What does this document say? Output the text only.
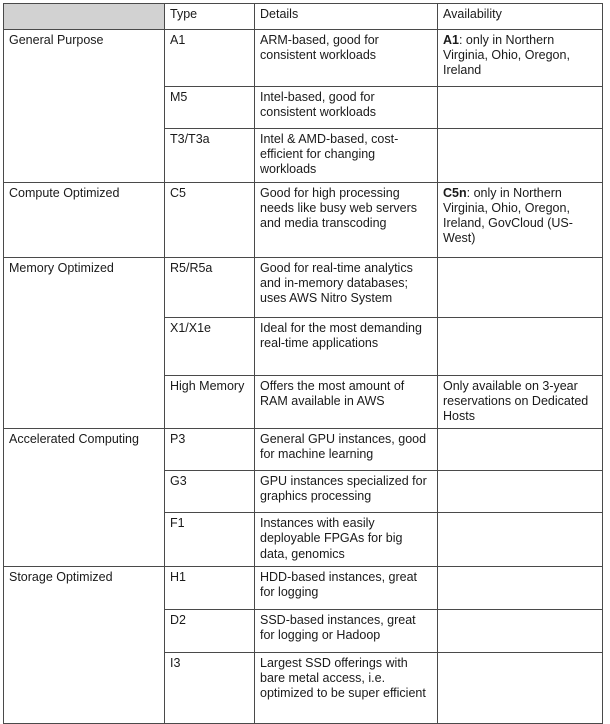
	Type	Details	Availability
General Purpose	A1	ARM-based, good for consistent workloads	A1: only in Northern Virginia, Ohio, Oregon, Ireland
	M5	Intel-based, good for consistent workloads	
	T3/T3a	Intel & AMD-based, cost-efficient for changing workloads	
Compute Optimized	C5	Good for high processing needs like busy web servers and media transcoding	C5n: only in Northern Virginia, Ohio, Oregon, Ireland, GovCloud (US-West)
Memory Optimized	R5/R5a	Good for real-time analytics and in-memory databases; uses AWS Nitro System	
	X1/X1e	Ideal for the most demanding real-time applications	
	High Memory	Offers the most amount of RAM available in AWS	Only available on 3-year reservations on Dedicated Hosts
Accelerated Computing	P3	General GPU instances, good for machine learning	
	G3	GPU instances specialized for graphics processing	
	F1	Instances with easily deployable FPGAs for big data, genomics	
Storage Optimized	H1	HDD-based instances, great for logging	
	D2	SSD-based instances, great for logging or Hadoop	
	I3	Largest SSD offerings with bare metal access, i.e. optimized to be super efficient	
